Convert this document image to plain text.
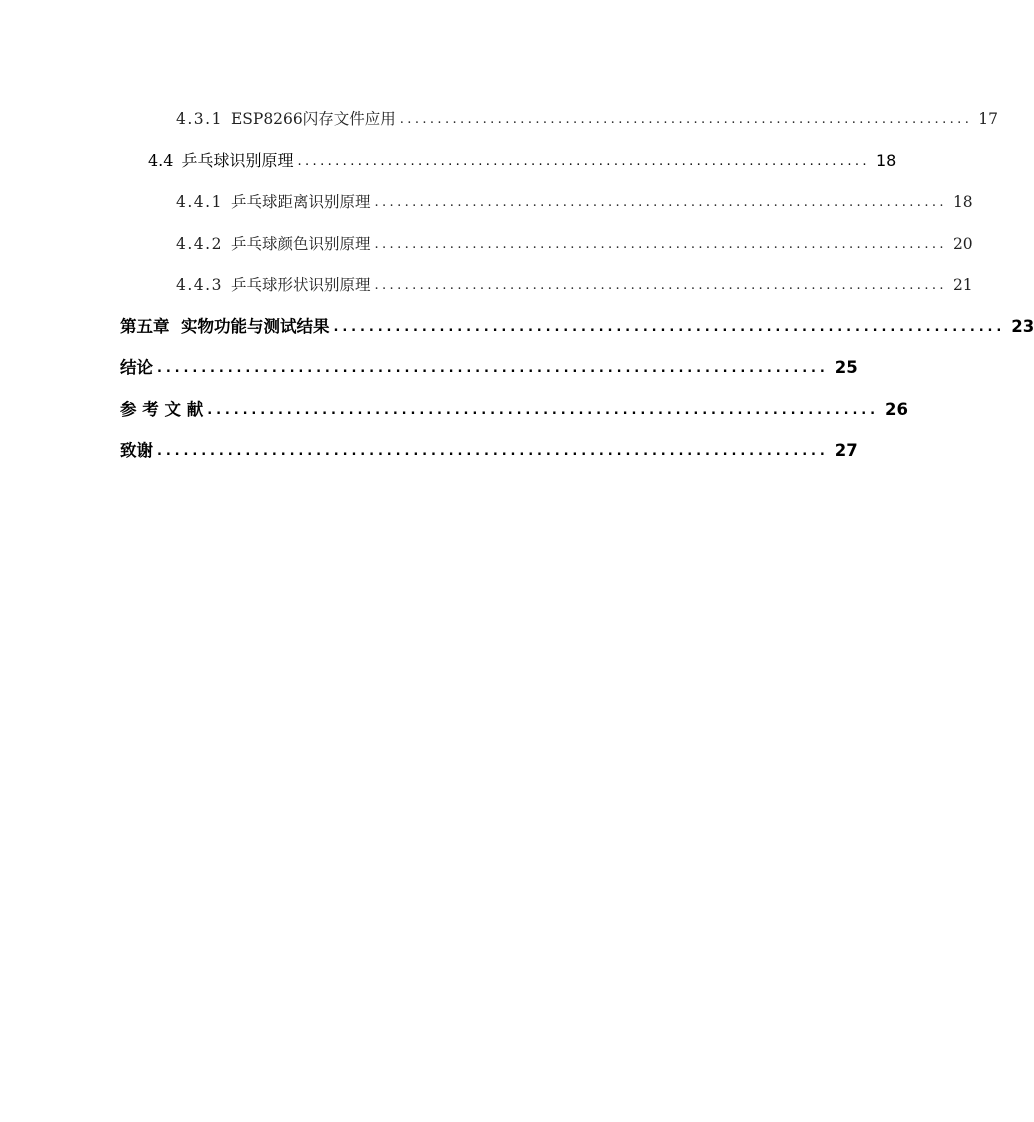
4.3.1 ESP8266闪存文件应用 ............................................................................ 17
4.4 乒乓球识别原理 ............................................................................ 18
4.4.1 乒乓球距离识别原理 ............................................................................ 18
4.4.2 乒乓球颜色识别原理 ............................................................................ 20
4.4.3 乒乓球形状识别原理 ............................................................................ 21
第五章  实物功能与测试结果 ............................................................................ 23
结论 ............................................................................ 25
参 考 文 献 ............................................................................ 26
致谢 ............................................................................ 27
